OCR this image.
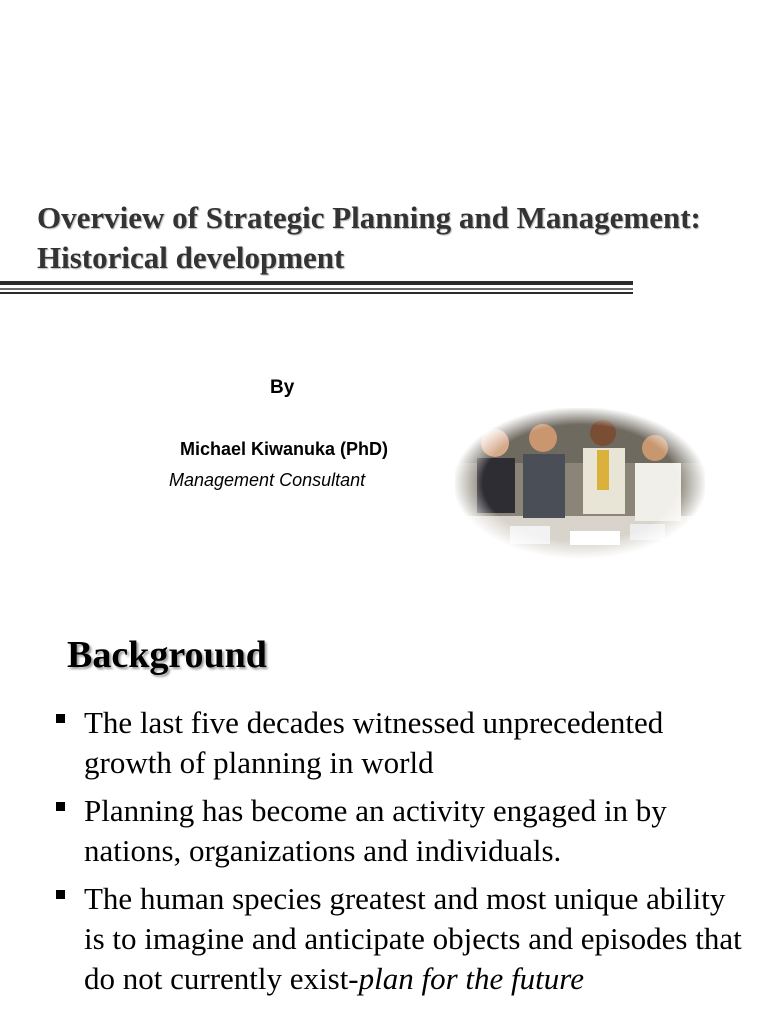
Overview of Strategic Planning and Management:
Historical development
By
Michael Kiwanuka (PhD)
Management Consultant
Background
The last five decades witnessed unprecedented growth of planning in world
Planning has become an activity engaged in by nations, organizations and individuals.
The human species greatest and most unique ability is to imagine and anticipate objects and episodes that do not currently exist-plan for the future
